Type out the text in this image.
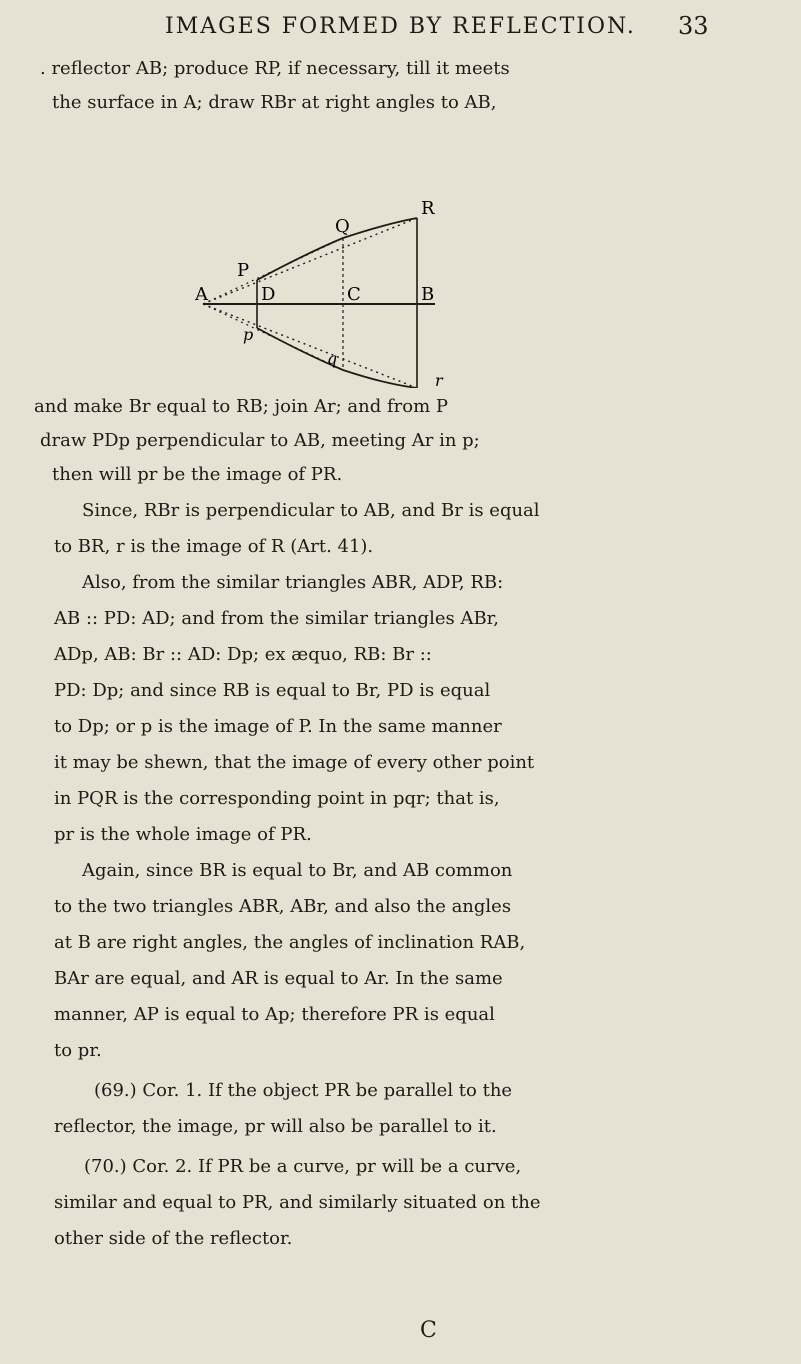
IMAGES FORMED BY REFLECTION. 33
. reflector AB; produce RP, if necessary, till it meets
the surface in A; draw RBr at right angles to AB,
R
Q
P
A	D	C	B
p
q
r
and make Br equal to RB; join Ar; and from P
draw PDp perpendicular to AB, meeting Ar in p;
then will pr be the image of PR.
Since, RBr is perpendicular to AB, and Br is equal
to BR, r is the image of R (Art. 41).
Also, from the similar triangles ABR, ADP, RB:
AB :: PD: AD; and from the similar triangles ABr,
ADp, AB: Br :: AD: Dp; ex æquo, RB: Br ::
PD: Dp; and since RB is equal to Br, PD is equal
to Dp; or p is the image of P. In the same manner
it may be shewn, that the image of every other point
in PQR is the corresponding point in pqr; that is,
pr is the whole image of PR.
Again, since BR is equal to Br, and AB common
to the two triangles ABR, ABr, and also the angles
at B are right angles, the angles of inclination RAB,
BAr are equal, and AR is equal to Ar. In the same
manner, AP is equal to Ap; therefore PR is equal
to pr.
(69.) Cor. 1. If the object PR be parallel to the
reflector, the image, pr will also be parallel to it.
(70.) Cor. 2. If PR be a curve, pr will be a curve,
similar and equal to PR, and similarly situated on the
other side of the reflector.
C
